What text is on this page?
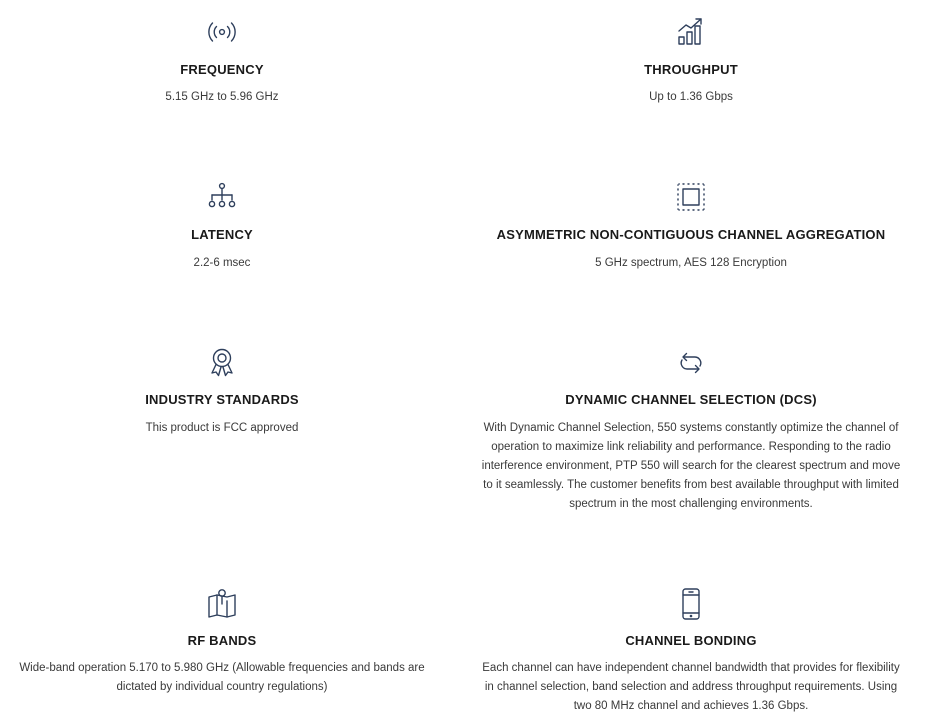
FREQUENCY
5.15 GHz to 5.96 GHz
THROUGHPUT
Up to 1.36 Gbps
LATENCY
2.2-6 msec
ASYMMETRIC NON-CONTIGUOUS CHANNEL AGGREGATION
5 GHz spectrum, AES 128 Encryption
INDUSTRY STANDARDS
This product is FCC approved
DYNAMIC CHANNEL SELECTION (DCS)
With Dynamic Channel Selection, 550 systems constantly optimize the channel of operation to maximize link reliability and performance. Responding to the radio interference environment, PTP 550 will search for the clearest spectrum and move to it seamlessly. The customer benefits from best available throughput with limited spectrum in the most challenging environments.
RF BANDS
Wide-band operation 5.170 to 5.980 GHz (Allowable frequencies and bands are dictated by individual country regulations)
CHANNEL BONDING
Each channel can have independent channel bandwidth that provides for flexibility in channel selection, band selection and address throughput requirements. Using two 80 MHz channel and achieves 1.36 Gbps.
